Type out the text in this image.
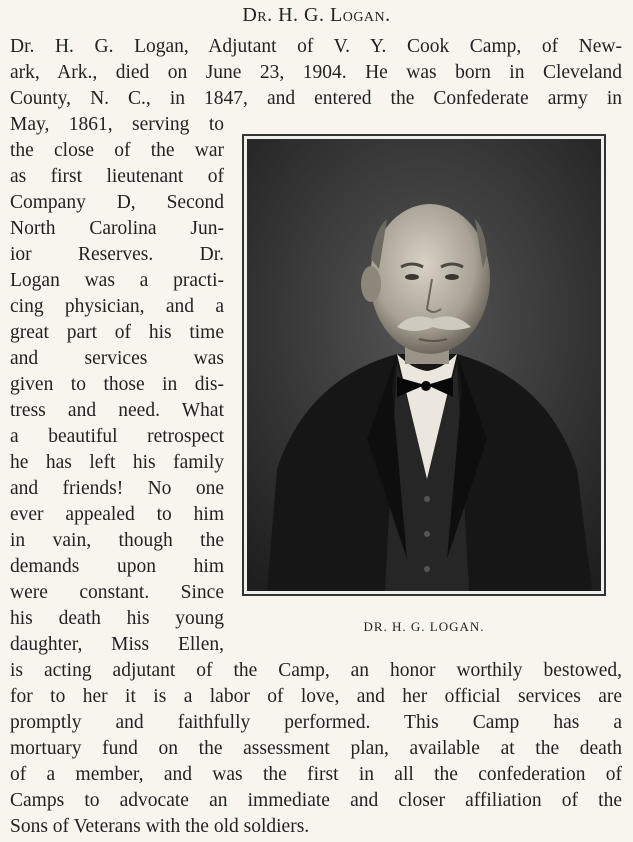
Dr. H. G. Logan.
Dr. H. G. Logan, Adjutant of V. Y. Cook Camp, of New-
ark, Ark., died on June 23, 1904. He was born in Cleveland
County, N. C., in 1847, and entered the Confederate army in
May, 1861, serving to
the close of the war
as first lieutenant of
Company D, Second
North Carolina Jun-
ior Reserves. Dr.
Logan was a practi-
cing physician, and a
great part of his time
and services was
given to those in dis-
tress and need. What
a beautiful retrospect
he has left his family
and friends! No one
ever appealed to him
in vain, though the
demands upon him
were constant. Since
his death his young
daughter, Miss Ellen,
DR. H. G. LOGAN.
is acting adjutant of the Camp, an honor worthily bestowed,
for to her it is a labor of love, and her official services are
promptly and faithfully performed. This Camp has a
mortuary fund on the assessment plan, available at the death
of a member, and was the first in all the confederation of
Camps to advocate an immediate and closer affiliation of the
Sons of Veterans with the old soldiers.
